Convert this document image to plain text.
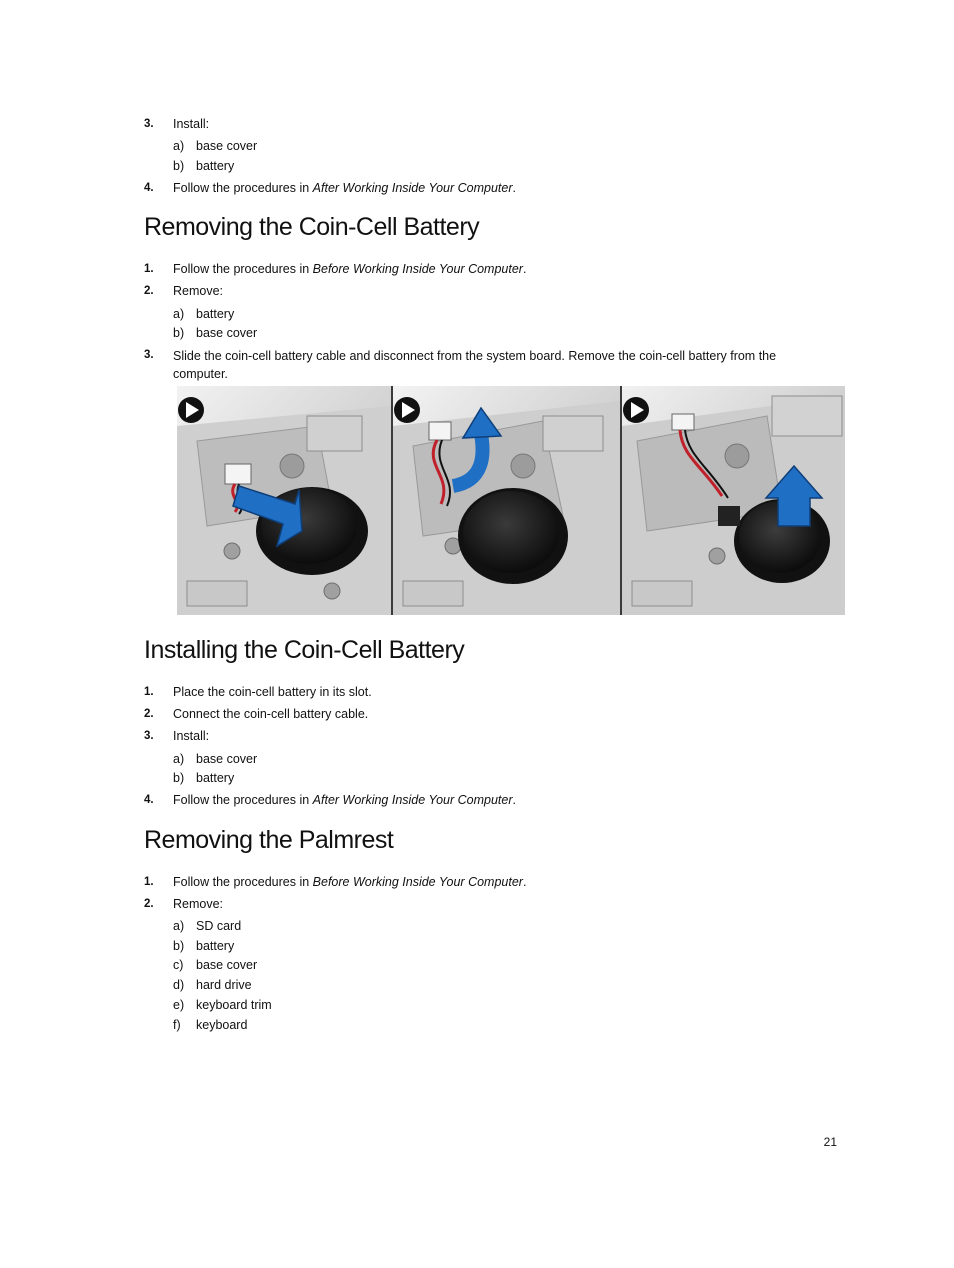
3. Install:
a) base cover
b) battery
4. Follow the procedures in After Working Inside Your Computer.
Removing the Coin-Cell Battery
1. Follow the procedures in Before Working Inside Your Computer.
2. Remove:
a) battery
b) base cover
3. Slide the coin-cell battery cable and disconnect from the system board. Remove the coin-cell battery from the computer.
Installing the Coin-Cell Battery
1. Place the coin-cell battery in its slot.
2. Connect the coin-cell battery cable.
3. Install:
a) base cover
b) battery
4. Follow the procedures in After Working Inside Your Computer.
Removing the Palmrest
1. Follow the procedures in Before Working Inside Your Computer.
2. Remove:
a) SD card
b) battery
c) base cover
d) hard drive
e) keyboard trim
f) keyboard
21
